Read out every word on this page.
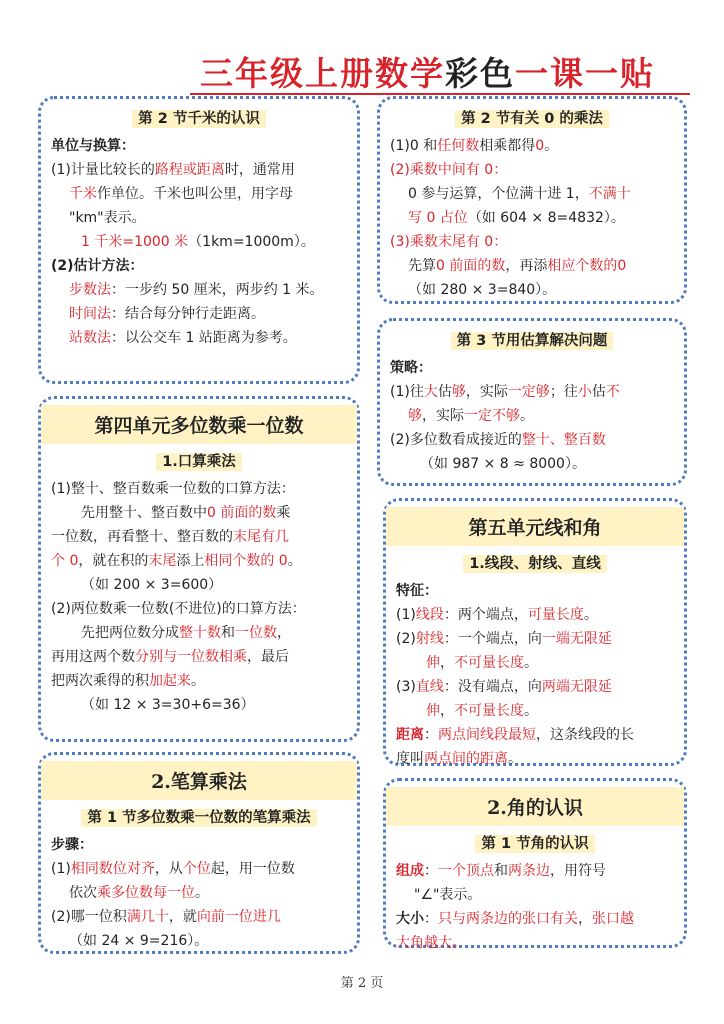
三年级上册数学彩色一课一贴
第 2 节千米的认识

单位与换算：

(1)计量比较长的路程或距离时，通常用

千米作单位。千米也叫公里，用字母

"km"表示。

1 千米=1000 米（1km=1000m）。

(2)估计方法：

步数法：一步约 50 厘米，两步约 1 米。

时间法：结合每分钟行走距离。

站数法：以公交车 1 站距离为参考。

第四单元多位数乘一位数
1.口算乘法

(1)整十、整百数乘一位数的口算方法：

先用整十、整百数中0 前面的数乘

一位数，再看整十、整百数的末尾有几

个 0，就在积的末尾添上相同个数的 0。

（如 200 × 3=600）

(2)两位数乘一位数(不进位)的口算方法：

先把两位数分成整十数和一位数，

再用这两个数分别与一位数相乘，最后

把两次乘得的积加起来。

（如 12 × 3=30+6=36）

2.笔算乘法
第 1 节多位数乘一位数的笔算乘法

步骤：

(1)相同数位对齐，从个位起，用一位数

依次乘多位数每一位。

(2)哪一位积满几十，就向前一位进几

（如 24 × 9=216）。

第 2 节有关 0 的乘法

(1)0 和任何数相乘都得0。

(2)乘数中间有 0：

0 参与运算，个位满十进 1，不满十

写 0 占位（如 604 × 8=4832）。

(3)乘数末尾有 0：

先算0 前面的数，再添相应个数的0

（如 280 × 3=840）。

第 3 节用估算解决问题

策略：

(1)往大估够，实际一定够；往小估不

够，实际一定不够。

(2)多位数看成接近的整十、整百数

（如 987 × 8 ≈ 8000）。

第五单元线和角
1.线段、射线、直线

特征：

(1)线段：两个端点，可量长度。

(2)射线：一个端点，向一端无限延

伸，不可量长度。

(3)直线：没有端点，向两端无限延

伸，不可量长度。

距离：两点间线段最短，这条线段的长

度叫两点间的距离。

2.角的认识
第 1 节角的认识

组成：一个顶点和两条边，用符号

"∠"表示。

大小：只与两条边的张口有关，张口越

大角越大。

第 2 页
